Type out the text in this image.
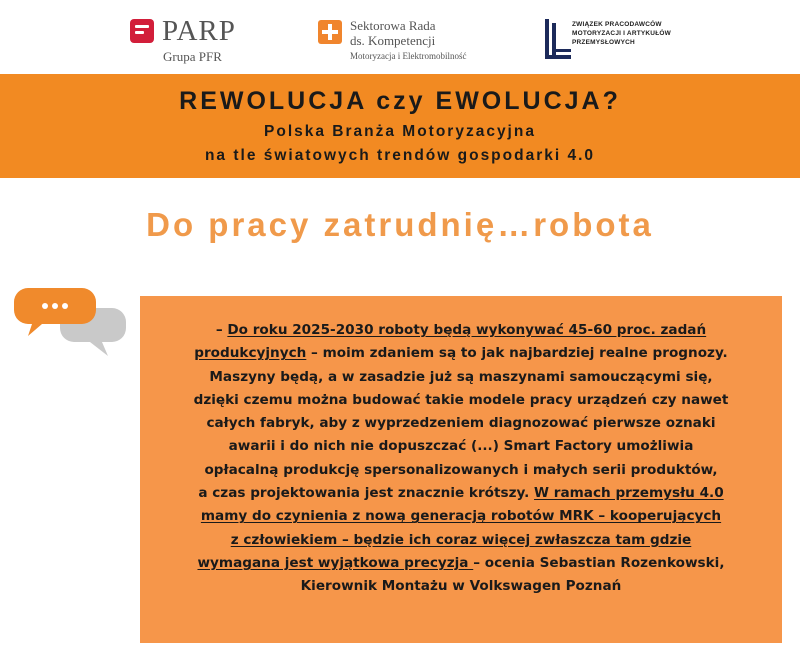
PARP
Grupa PFR
Sektorowa Rada
ds. Kompetencji
Motoryzacja i Elektromobilność
ZWIĄZEK PRACODAWCÓW
MOTORYZACJI I ARTYKUŁÓW
PRZEMYSŁOWYCH
REWOLUCJA czy EWOLUCJA?
Polska Branża Motoryzacyjna
na tle światowych trendów gospodarki 4.0
Do pracy zatrudnię…robota
– Do roku 2025-2030 roboty będą wykonywać 45-60 proc. zadań
produkcyjnych – moim zdaniem są to jak najbardziej realne prognozy.
Maszyny będą, a w zasadzie już są maszynami samouczącymi się,
dzięki czemu można budować takie modele pracy urządzeń czy nawet
całych fabryk, aby z wyprzedzeniem diagnozować pierwsze oznaki
awarii i do nich nie dopuszczać (...) Smart Factory umożliwia
opłacalną produkcję spersonalizowanych i małych serii produktów,
a czas projektowania jest znacznie krótszy. W ramach przemysłu 4.0
mamy do czynienia z nową generacją robotów MRK – kooperujących
z człowiekiem – będzie ich coraz więcej zwłaszcza tam gdzie
wymagana jest wyjątkowa precyzja – ocenia Sebastian Rozenkowski,
Kierownik Montażu w Volkswagen Poznań
